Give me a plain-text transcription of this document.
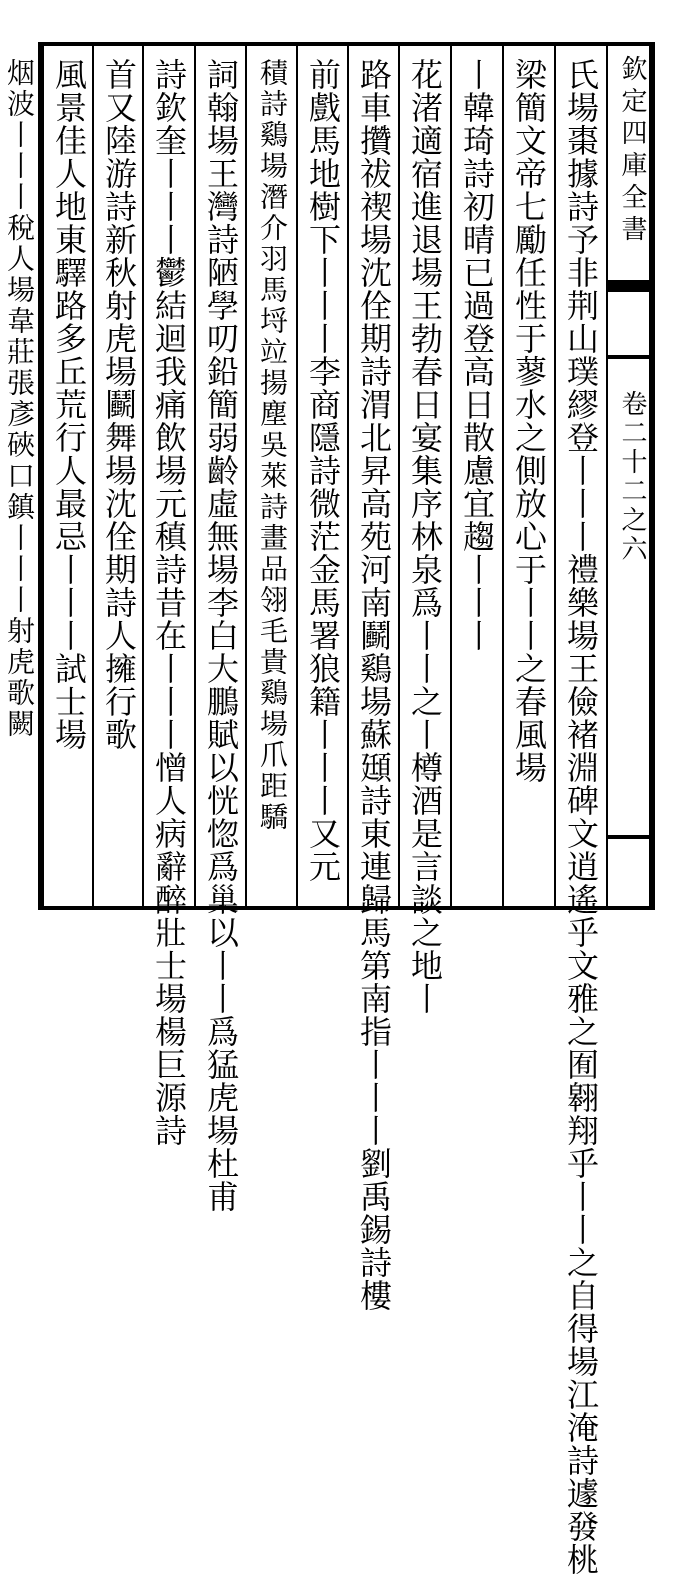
欽定四庫全書
卷二十二之六
氏場棗據詩予非荆山璞繆登丨丨丨禮樂場王儉褚淵碑文逍遙乎文雅之囿翱翔乎丨丨之自得場江淹詩遽發桃
梁簡文帝七勵任性于蓼水之側放心于丨丨之春風場
丨韓琦詩初晴已過登高日散慮宜趨丨丨丨
花渚適宿進退場王勃春日宴集序林泉爲丨丨之丨樽酒是言談之地丨
路車攢祓禊場沈佺期詩渭北昇高苑河南鬬鷄場蘇頲詩東連歸馬第南指丨丨丨劉禹錫詩樓
前戲馬地樹下丨丨丨李商隱詩微茫金馬署狼籍丨丨丨又元
積詩鷄場潛介羽馬埒竝揚塵吳萊詩畫品翎毛貴鷄場爪距驕
詞翰場王灣詩陋學叨鉛簡弱齡虛無場李白大鵬賦以恍惚爲巢以丨丨爲猛虎場杜甫
詩欽奎丨丨丨鬱結迴我痛飲場元稹詩昔在丨丨丨憎人病辭醉壯士場楊巨源詩
首又陸游詩新秋射虎場鬬舞場沈佺期詩人擁行歌
風景佳人地東驛路多丘荒行人最忌丨丨丨試士場
烟波丨丨丨稅人場韋莊張彥硤口鎮丨丨丨射虎歌闕
